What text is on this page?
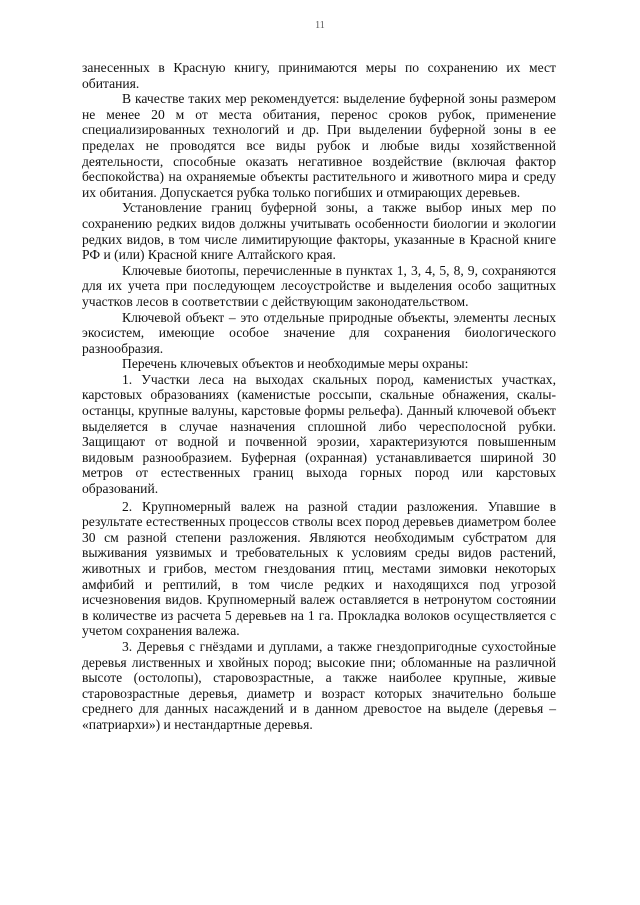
11

занесенных в Красную книгу, принимаются меры по сохранению их мест обитания.

В качестве таких мер рекомендуется: выделение буферной зоны размером не менее 20 м от места обитания, перенос сроков рубок, применение специализированных технологий и др. При выделении буферной зоны в ее пределах не проводятся все виды рубок и любые виды хозяйственной деятельности, способные оказать негативное воздействие (включая фактор беспокойства) на охраняемые объекты растительного и животного мира и среду их обитания. Допускается рубка только погибших и отмирающих деревьев.

Установление границ буферной зоны, а также выбор иных мер по сохранению редких видов должны учитывать особенности биологии и экологии редких видов, в том числе лимитирующие факторы, указанные в Красной книге РФ и (или) Красной книге Алтайского края.

Ключевые биотопы, перечисленные в пунктах 1, 3, 4, 5, 8, 9, сохраняются для их учета при последующем лесоустройстве и выделения особо защитных участков лесов в соответствии с действующим законодательством.

Ключевой объект – это отдельные природные объекты, элементы лесных экосистем, имеющие особое значение для сохранения биологического разнообразия.

Перечень ключевых объектов и необходимые меры охраны:

1. Участки леса на выходах скальных пород, каменистых участках, карстовых образованиях (каменистые россыпи, скальные обнажения, скалы-останцы, крупные валуны, карстовые формы рельефа). Данный ключевой объект выделяется в случае назначения сплошной либо чересполосной рубки. Защищают от водной и почвенной эрозии, характеризуются повышенным видовым разнообразием. Буферная (охранная) устанавливается шириной 30 метров от естественных границ выхода горных пород или карстовых образований.

2. Крупномерный валеж на разной стадии разложения. Упавшие в результате естественных процессов стволы всех пород деревьев диаметром более 30 см разной степени разложения. Являются необходимым субстратом для выживания уязвимых и требовательных к условиям среды видов растений, животных и грибов, местом гнездования птиц, местами зимовки некоторых амфибий и рептилий, в том числе редких и находящихся под угрозой исчезновения видов. Крупномерный валеж оставляется в нетронутом состоянии в количестве из расчета 5 деревьев на 1 га. Прокладка волоков осуществляется с учетом сохранения валежа.

3. Деревья с гнёздами и дуплами, а также гнездопригодные сухостойные деревья лиственных и хвойных пород; высокие пни; обломанные на различной высоте (остолопы), старовозрастные, а также наиболее крупные, живые старовозрастные деревья, диаметр и возраст которых значительно больше среднего для данных насаждений и в данном древостое на выделе (деревья – «патриархи») и нестандартные деревья.
